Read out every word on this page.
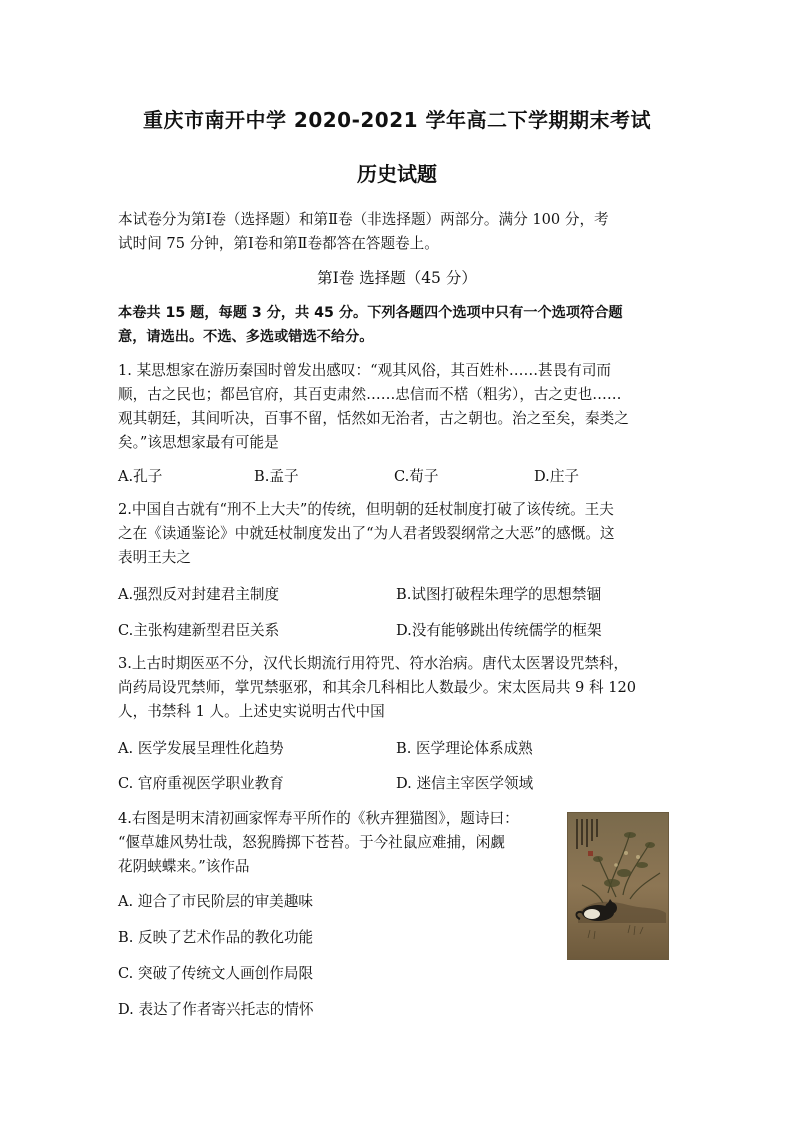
重庆市南开中学 2020-2021 学年高二下学期期末考试
历史试题
本试卷分为第Ⅰ卷（选择题）和第Ⅱ卷（非选择题）两部分。满分 100 分，考
试时间 75 分钟，第Ⅰ卷和第Ⅱ卷都答在答题卷上。
第Ⅰ卷 选择题（45 分）
本卷共 15 题，每题 3 分，共 45 分。下列各题四个选项中只有一个选项符合题
意，请选出。不选、多选或错选不给分。
1. 某思想家在游历秦国时曾发出感叹：“观其风俗，其百姓朴……甚畏有司而
顺，古之民也；都邑官府，其百吏肃然……忠信而不楛（粗劣），古之吏也……
观其朝廷，其间听决，百事不留，恬然如无治者，古之朝也。治之至矣，秦类之
矣。”该思想家最有可能是
A.孔子	B.孟子	C.荀子	D.庄子
2.中国自古就有“刑不上大夫”的传统，但明朝的廷杖制度打破了该传统。王夫
之在《读通鉴论》中就廷杖制度发出了“为人君者毁裂纲常之大恶”的感慨。这
表明王夫之
A.强烈反对封建君主制度	B.试图打破程朱理学的思想禁锢
C.主张构建新型君臣关系	D.没有能够跳出传统儒学的框架
3.上古时期医巫不分，汉代长期流行用符咒、符水治病。唐代太医署设咒禁科，
尚药局设咒禁师，掌咒禁驱邪，和其余几科相比人数最少。宋太医局共 9 科 120
人，书禁科 1 人。上述史实说明古代中国
A. 医学发展呈理性化趋势	B. 医学理论体系成熟
C. 官府重视医学职业教育	D. 迷信主宰医学领域
4.右图是明末清初画家恽寿平所作的《秋卉狸猫图》，题诗曰：
“偃草雄风势壮哉，怒猊腾掷下苍苔。于今社鼠应难捕，闲觑
花阴蛱蝶来。”该作品
A. 迎合了市民阶层的审美趣味
B. 反映了艺术作品的教化功能
C. 突破了传统文人画创作局限
D. 表达了作者寄兴托志的情怀
